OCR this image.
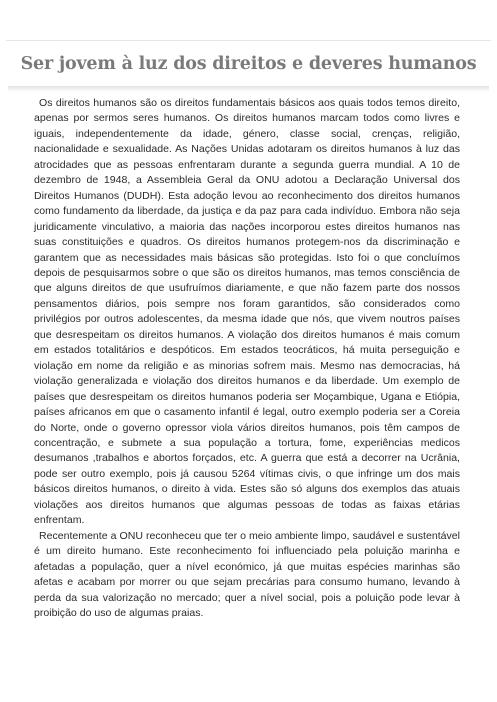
Ser jovem à luz dos direitos e deveres humanos

Os direitos humanos são os direitos fundamentais básicos aos quais todos temos direito, apenas por sermos seres humanos. Os direitos humanos marcam todos como livres e iguais, independentemente da idade, género, classe social, crenças, religião, nacionalidade e sexualidade. As Nações Unidas adotaram os direitos humanos à luz das atrocidades que as pessoas enfrentaram durante a segunda guerra mundial. A 10 de dezembro de 1948, a Assembleia Geral da ONU adotou a Declaração Universal dos Direitos Humanos (DUDH). Esta adoção levou ao reconhecimento dos direitos humanos como fundamento da liberdade, da justiça e da paz para cada indivíduo. Embora não seja juridicamente vinculativo, a maioria das nações incorporou estes direitos humanos nas suas constituições e quadros. Os direitos humanos protegem-nos da discriminação e garantem que as necessidades mais básicas são protegidas. Isto foi o que concluímos depois de pesquisarmos sobre o que são os direitos humanos, mas temos consciência de que alguns direitos de que usufruímos diariamente, e que não fazem parte dos nossos pensamentos diários, pois sempre nos foram garantidos, são considerados como privilégios por outros adolescentes, da mesma idade que nós, que vivem noutros países que desrespeitam os direitos humanos. A violação dos direitos humanos é mais comum em estados totalitários e despóticos. Em estados teocráticos, há muita perseguição e violação em nome da religião e as minorias sofrem mais. Mesmo nas democracias, há violação generalizada e violação dos direitos humanos e da liberdade. Um exemplo de países que desrespeitam os direitos humanos poderia ser Moçambique, Ugana e Etiópia, países africanos em que o casamento infantil é legal, outro exemplo poderia ser a Coreia do Norte, onde o governo opressor viola vários direitos humanos, pois têm campos de concentração, e submete a sua população a tortura, fome, experiências medicos desumanos ,trabalhos e abortos forçados, etc. A guerra que está a decorrer na Ucrânia, pode ser outro exemplo, pois já causou 5264 vítimas civis, o que infringe um dos mais básicos direitos humanos, o direito à vida. Estes são só alguns dos exemplos das atuais violações aos direitos humanos que algumas pessoas de todas as faixas etárias enfrentam.

Recentemente a ONU reconheceu que ter o meio ambiente limpo, saudável e sustentável é um direito humano. Este reconhecimento foi influenciado pela poluição marinha e afetadas a população, quer a nível económico, já que muitas espécies marinhas são afetas e acabam por morrer ou que sejam precárias para consumo humano, levando à perda da sua valorização no mercado; quer a nível social, pois a poluição pode levar à proibição do uso de algumas praias.
